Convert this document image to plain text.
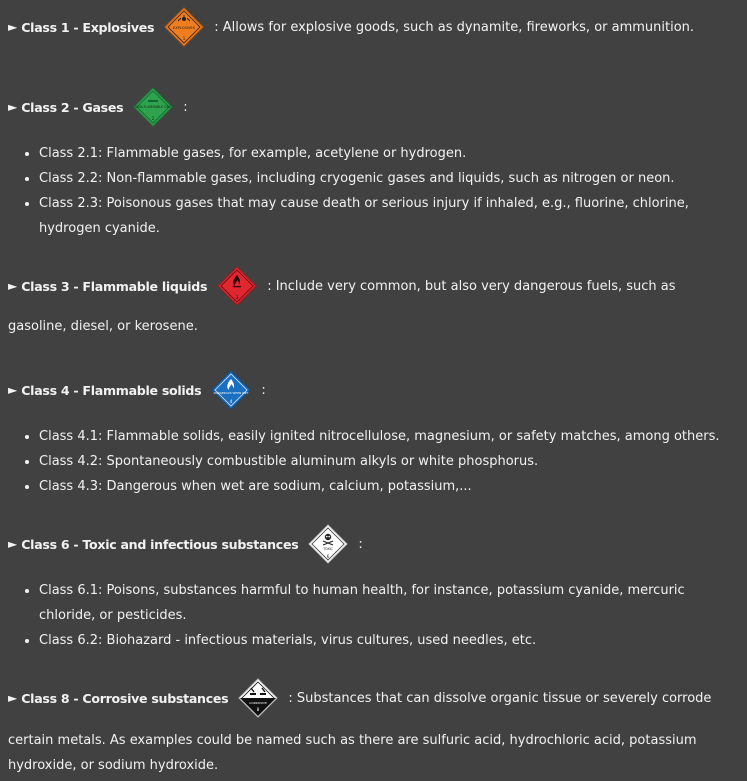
► Class 1 - Explosives	EXPLOSIVES
1
: Allows for explosive goods, such as dynamite, fireworks, or ammunition.
► Class 2 - Gases	NON-FLAMMABLE GAS
2
:
Class 2.1: Flammable gases, for example, acetylene or hydrogen.
Class 2.2: Non-flammable gases, including cryogenic gases and liquids, such as nitrogen or neon.
Class 2.3: Poisonous gases that may cause death or serious injury if inhaled, e.g., fluorine, chlorine, hydrogen cyanide.
► Class 3 - Flammable liquids
3
: Include very common, but also very dangerous fuels, such as
gasoline, diesel, or kerosene.
► Class 4 - Flammable solids	DANGEROUS WHEN WET
4
:
Class 4.1: Flammable solids, easily ignited nitrocellulose, magnesium, or safety matches, among others.
Class 4.2: Spontaneously combustible aluminum alkyls or white phosphorus.
Class 4.3: Dangerous when wet are sodium, calcium, potassium,...
► Class 6 - Toxic and infectious substances	TOXIC
6
:
Class 6.1: Poisons, substances harmful to human health, for instance, potassium cyanide, mercuric chloride, or pesticides.
Class 6.2: Biohazard - infectious materials, virus cultures, used needles, etc.
► Class 8 - Corrosive substances	CORROSIVE
8
: Substances that can dissolve organic tissue or severely corrode
certain metals. As examples could be named such as there are sulfuric acid, hydrochloric acid, potassium hydroxide, or sodium hydroxide.
